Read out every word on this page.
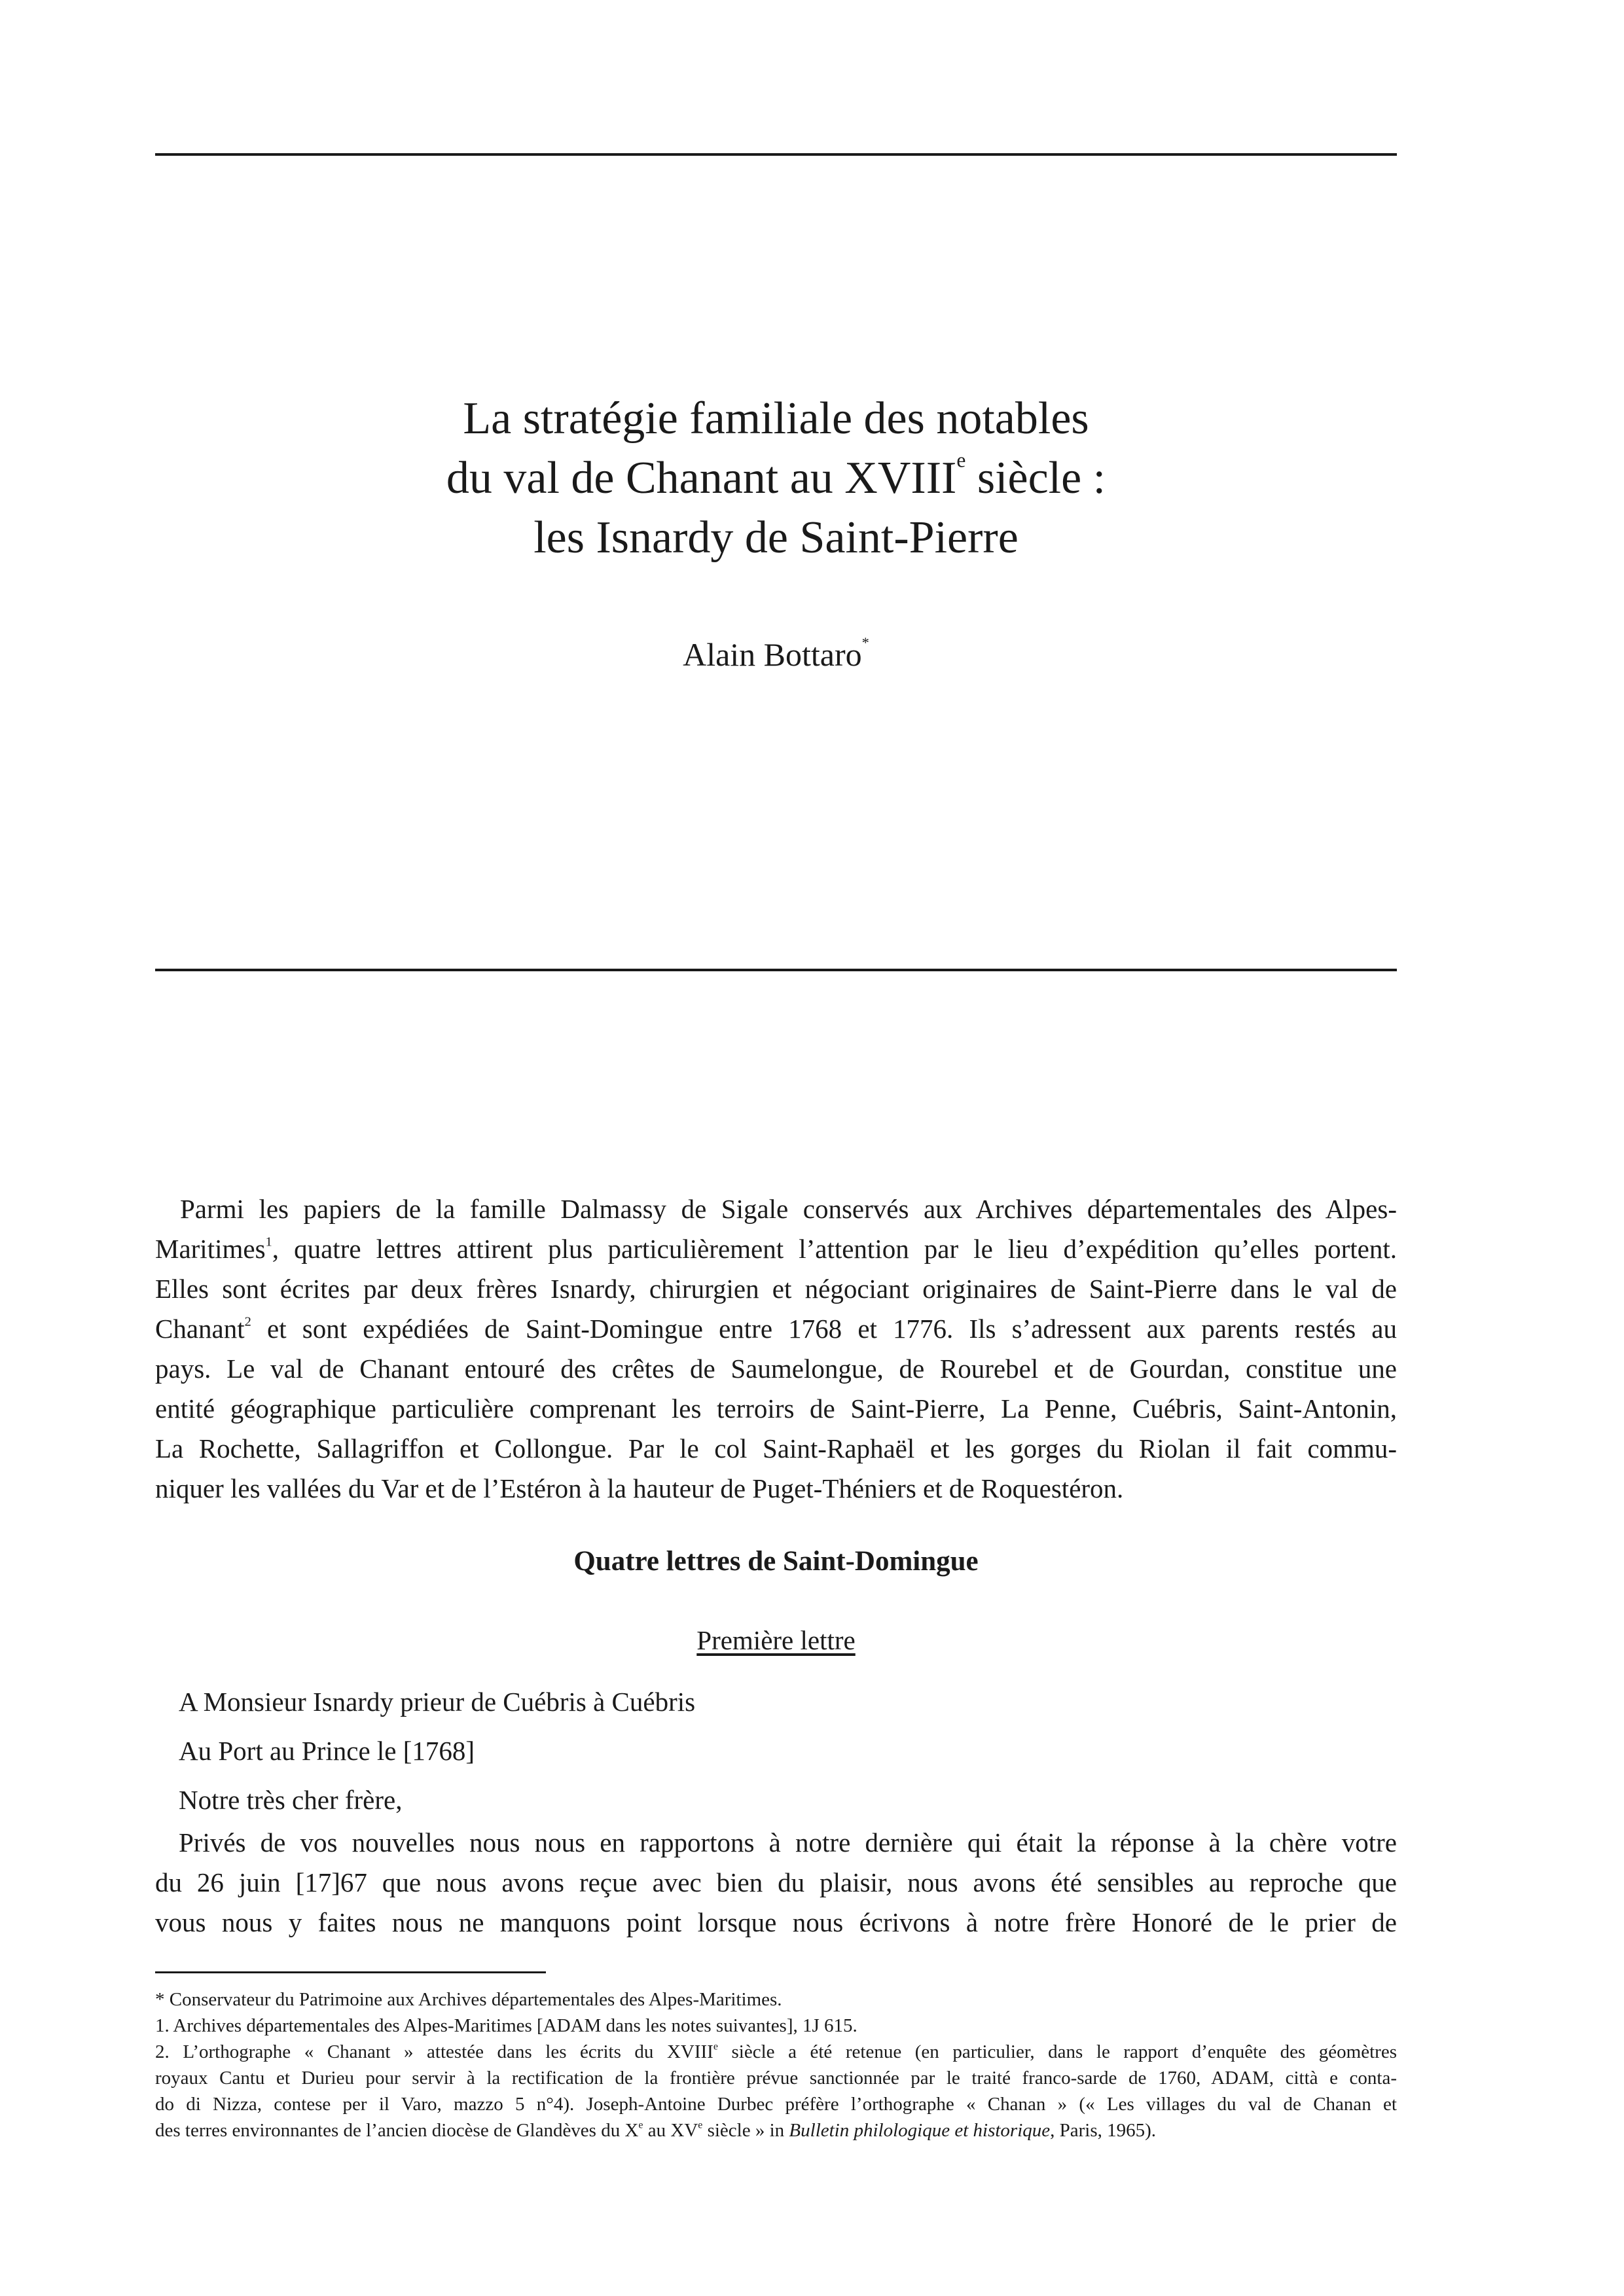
La stratégie familiale des notables
du val de Chanant au XVIIIe siècle :
les Isnardy de Saint-Pierre
Alain Bottaro*
Parmi les papiers de la famille Dalmassy de Sigale conservés aux Archives départementales des Alpes-
Maritimes$^1$, quatre lettres attirent plus particulièrement l’attention par le lieu d’expédition qu’elles portent.
Elles sont écrites par deux frères Isnardy, chirurgien et négociant originaires de Saint-Pierre dans le val de
Chanant$^2$ et sont expédiées de Saint-Domingue entre 1768 et 1776. Ils s’adressent aux parents restés au
pays. Le val de Chanant entouré des crêtes de Saumelongue, de Rourebel et de Gourdan, constitue une
entité géographique particulière comprenant les terroirs de Saint-Pierre, La Penne, Cuébris, Saint-Antonin,
La Rochette, Sallagriffon et Collongue. Par le col Saint-Raphaël et les gorges du Riolan il fait commu-
niquer les vallées du Var et de l’Estéron à la hauteur de Puget-Théniers et de Roquestéron.
Quatre lettres de Saint-Domingue
Première lettre
A Monsieur Isnardy prieur de Cuébris à Cuébris
Au Port au Prince le [1768]
Notre très cher frère,
Privés de vos nouvelles nous nous en rapportons à notre dernière qui était la réponse à la chère votre
du 26 juin [17]67 que nous avons reçue avec bien du plaisir, nous avons été sensibles au reproche que
vous nous y faites nous ne manquons point lorsque nous écrivons à notre frère Honoré de le prier de

* Conservateur du Patrimoine aux Archives départementales des Alpes-Maritimes.

1. Archives départementales des Alpes-Maritimes [ADAM dans les notes suivantes], 1J 615.

2. L’orthographe « Chanant » attestée dans les écrits du XVIIIe siècle a été retenue (en particulier, dans le rapport d’enquête des géomètres
royaux Cantu et Durieu pour servir à la rectification de la frontière prévue sanctionnée par le traité franco-sarde de 1760, ADAM, città e conta-
do di Nizza, contese per il Varo, mazzo 5 n°4). Joseph-Antoine Durbec préfère l’orthographe « Chanan » (« Les villages du val de Chanan et
des terres environnantes de l’ancien diocèse de Glandèves du Xe au XVe siècle » in Bulletin philologique et historique, Paris, 1965).
